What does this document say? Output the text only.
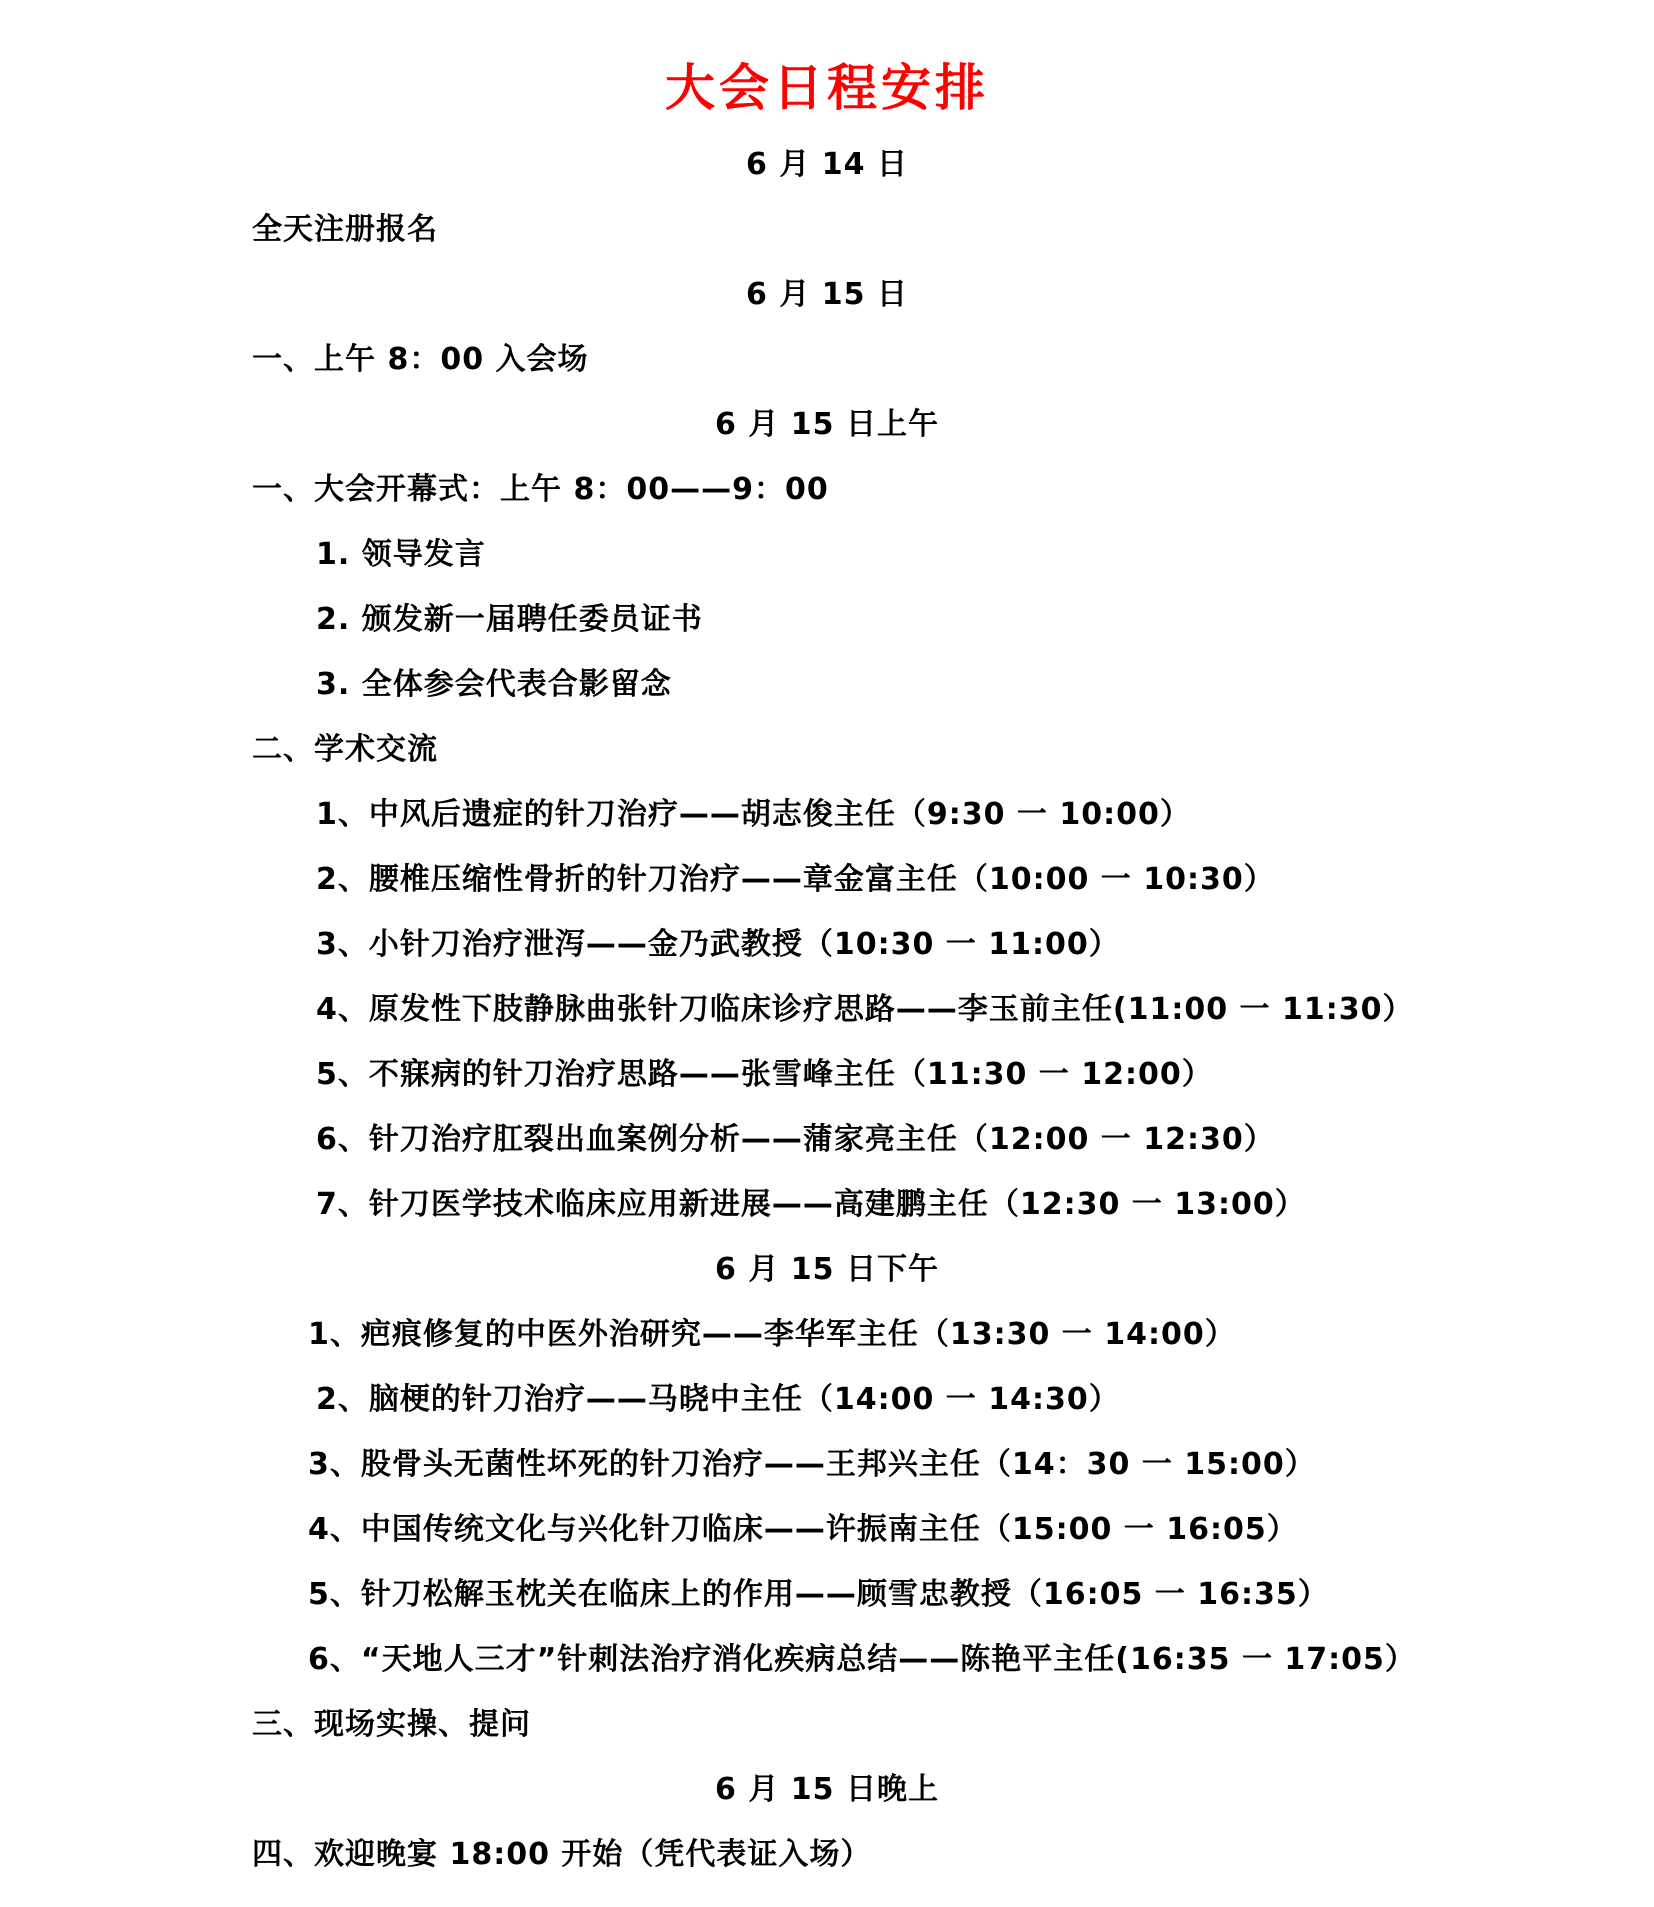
大会日程安排
6 月 14 日
全天注册报名
6 月 15 日
一、上午 8：00 入会场
6 月 15 日上午
一、大会开幕式：上午 8：00——9：00
1. 领导发言
2. 颁发新一届聘任委员证书
3. 全体参会代表合影留念
二、学术交流
1、中风后遗症的针刀治疗——胡志俊主任（9:30 一 10:00）
2、腰椎压缩性骨折的针刀治疗——章金富主任（10:00 一 10:30）
3、小针刀治疗泄泻——金乃武教授（10:30 一 11:00）
4、原发性下肢静脉曲张针刀临床诊疗思路——李玉前主任(11:00 一 11:30）
5、不寐病的针刀治疗思路——张雪峰主任（11:30 一 12:00）
6、针刀治疗肛裂出血案例分析——蒲家亮主任（12:00 一 12:30）
7、针刀医学技术临床应用新进展——高建鹏主任（12:30 一 13:00）
6 月 15 日下午
1、疤痕修复的中医外治研究——李华军主任（13:30 一 14:00）
2、脑梗的针刀治疗——马晓中主任（14:00 一 14:30）
3、股骨头无菌性坏死的针刀治疗——王邦兴主任（14：30 一 15:00）
4、中国传统文化与兴化针刀临床——许振南主任（15:00 一 16:05）
5、针刀松解玉枕关在临床上的作用——顾雪忠教授（16:05 一 16:35）
6、“天地人三才”针刺法治疗消化疾病总结——陈艳平主任(16:35 一 17:05）
三、现场实操、提问
6 月 15 日晚上
四、欢迎晚宴 18:00 开始（凭代表证入场）
